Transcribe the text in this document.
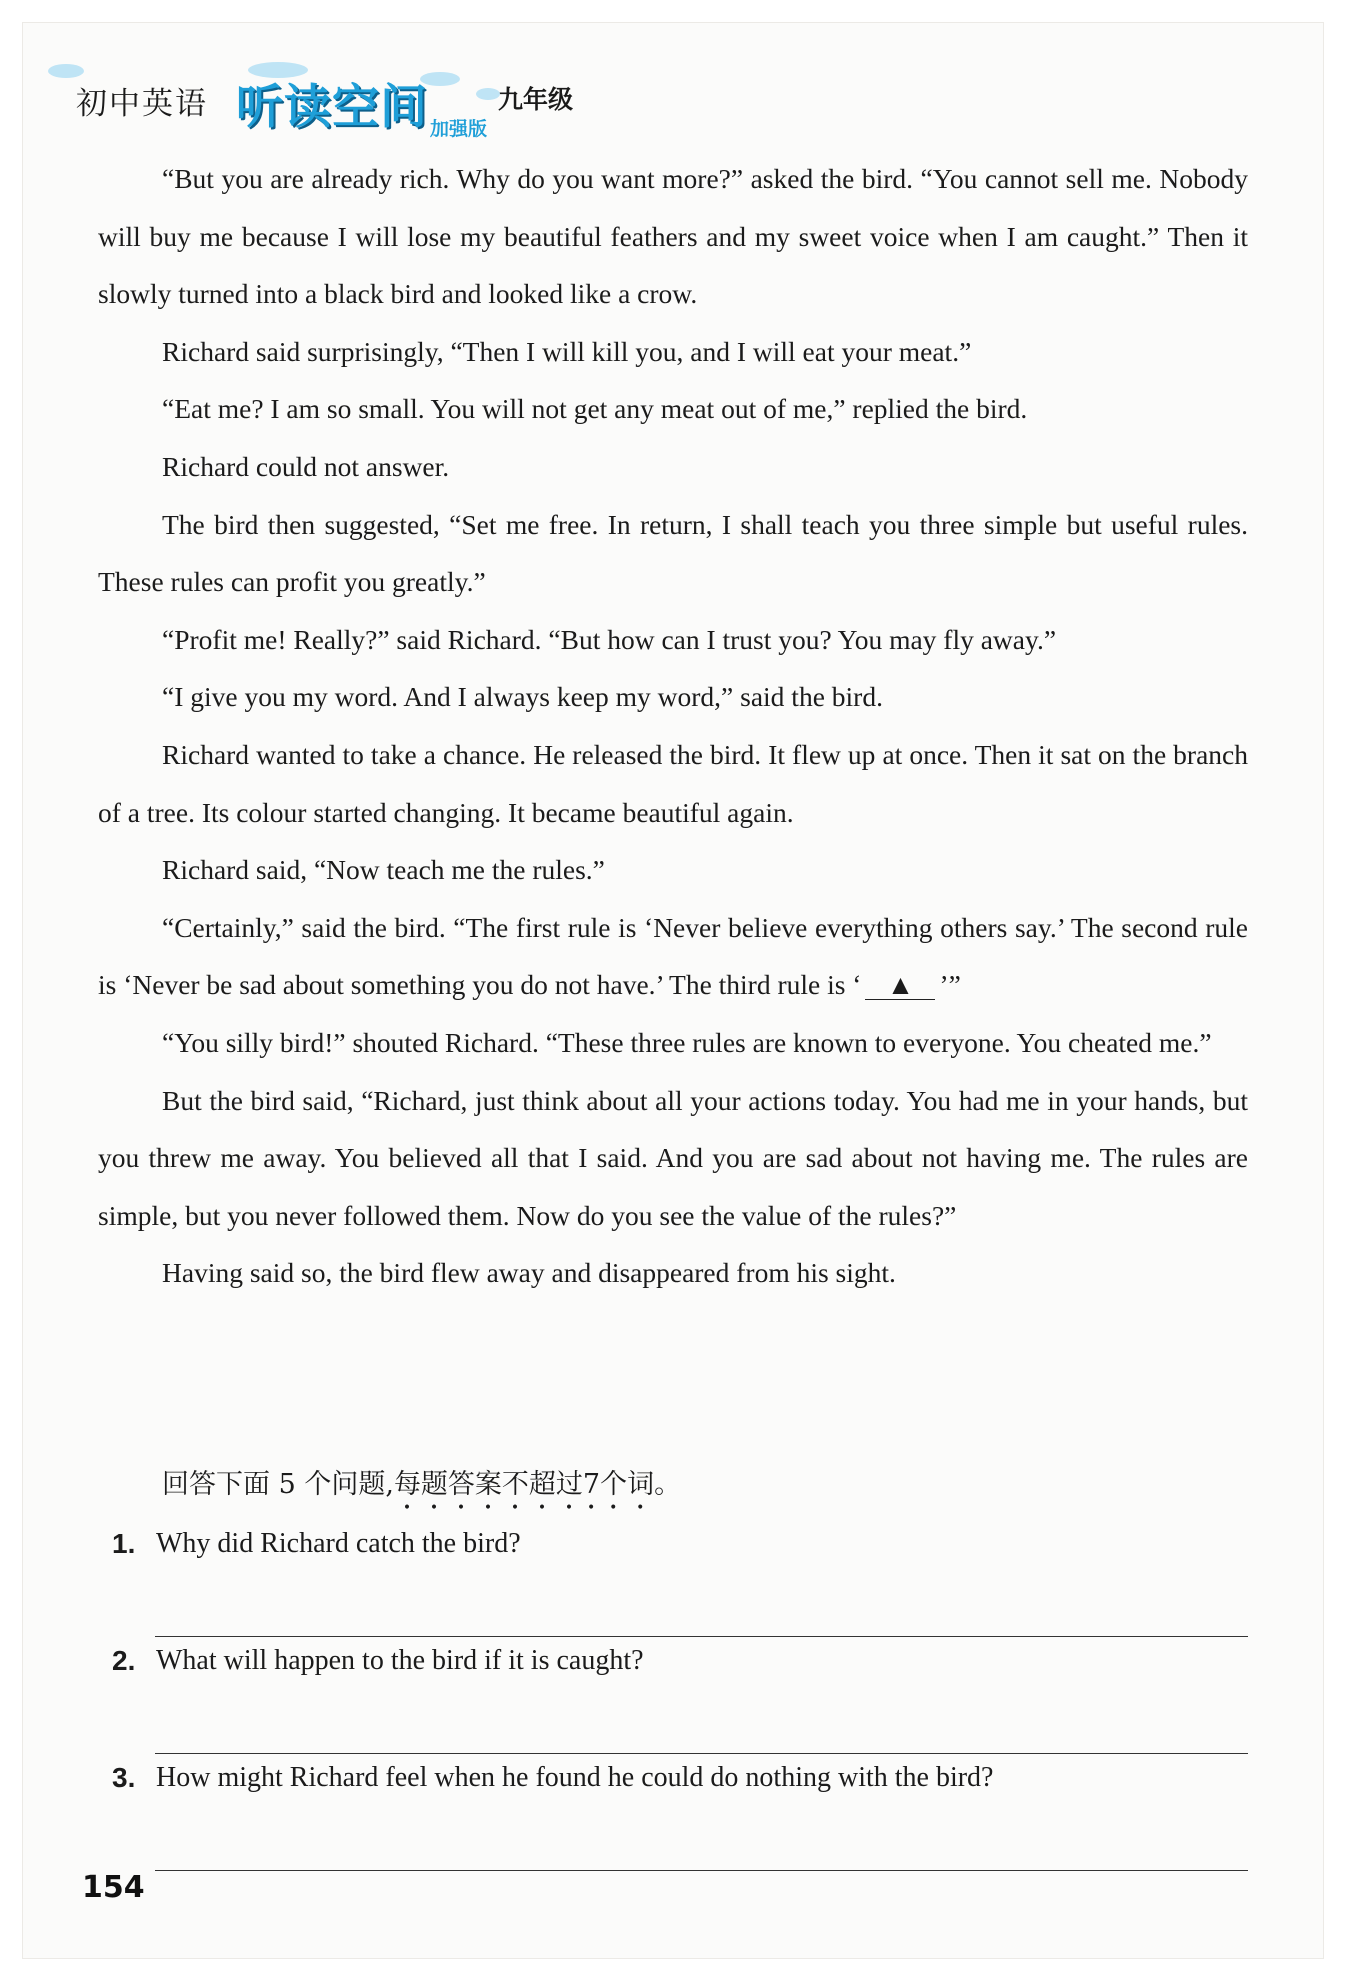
初中英语 听读空间 加强版
九年级

“But you are already rich. Why do you want more?” asked the bird. “You cannot sell me. Nobody will buy me because I will lose my beautiful feathers and my sweet voice when I am caught.” Then it slowly turned into a black bird and looked like a crow.

Richard said surprisingly, “Then I will kill you, and I will eat your meat.”

“Eat me? I am so small. You will not get any meat out of me,” replied the bird.

Richard could not answer.

The bird then suggested, “Set me free. In return, I shall teach you three simple but useful rules. These rules can profit you greatly.”

“Profit me! Really?” said Richard. “But how can I trust you? You may fly away.”

“I give you my word. And I always keep my word,” said the bird.

Richard wanted to take a chance. He released the bird. It flew up at once. Then it sat on the branch of a tree. Its colour started changing. It became beautiful again.

Richard said, “Now teach me the rules.”

“Certainly,” said the bird. “The first rule is ‘Never believe everything others say.’ The second rule is ‘Never be sad about something you do not have.’ The third rule is ‘ ▲ ’”

“You silly bird!” shouted Richard. “These three rules are known to everyone. You cheated me.”

But the bird said, “Richard, just think about all your actions today. You had me in your hands, but you threw me away. You believed all that I said. And you are sad about not having me. The rules are simple, but you never followed them. Now do you see the value of the rules?”

Having said so, the bird flew away and disappeared from his sight.

回答下面 5 个问题,每题答案不超过7个词。
1. Why did Richard catch the bird?
2. What will happen to the bird if it is caught?
3. How might Richard feel when he found he could do nothing with the bird?
154
